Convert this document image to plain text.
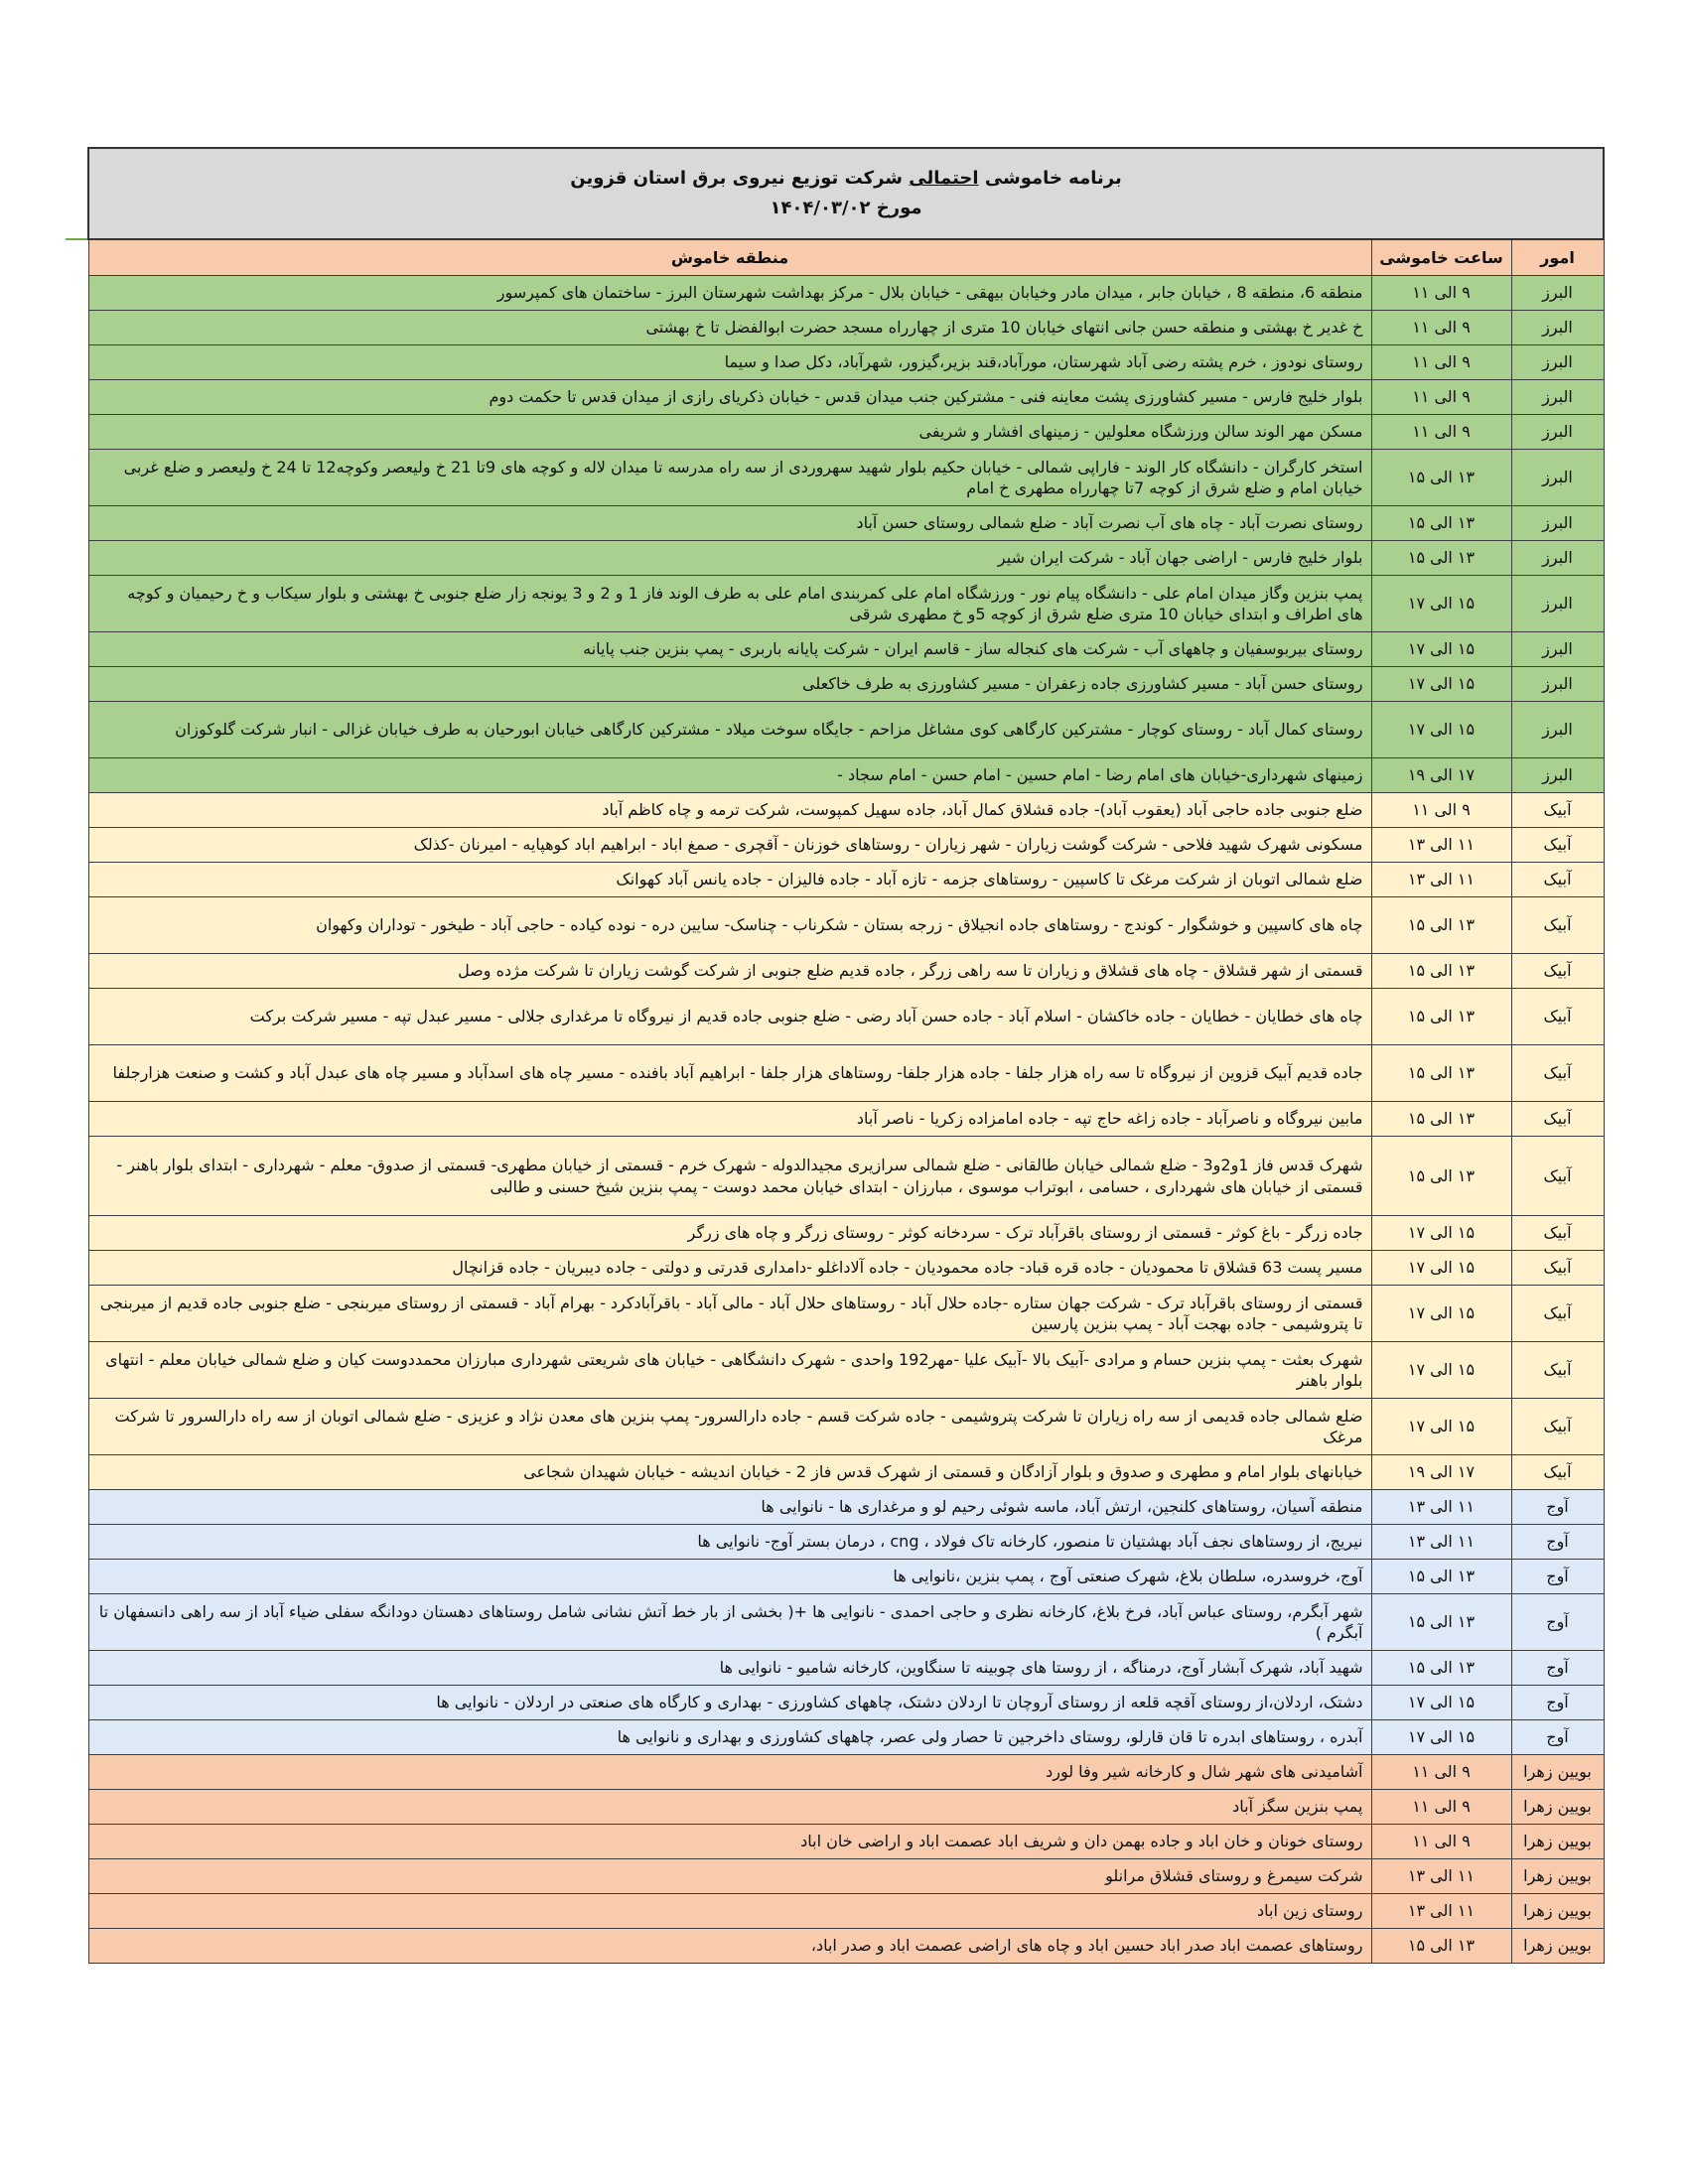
برنامه خاموشی احتمالی شرکت توزیع نیروی برق استان قزوین
مورخ ۱۴۰۴/۰۳/۰۲		

امور	ساعت خاموشی	منطقه خاموش
البرز	۹ الی ۱۱	منطقه 6، منطقه 8 ، خیابان جابر ، میدان مادر وخیابان بیهقی - خیابان بلال - مرکز بهداشت شهرستان البرز - ساختمان های کمپرسور
البرز	۹ الی ۱۱	خ غدیر خ بهشتی و منطقه حسن جانی انتهای خیابان 10 متری از چهارراه مسجد حضرت ابوالفضل تا خ بهشتی
البرز	۹ الی ۱۱	روستای نودوز ، خرم پشته رضی آباد شهرستان، مورآباد،قند بزیر،گیزور، شهرآباد، دکل صدا و سیما
البرز	۹ الی ۱۱	بلوار خلیج فارس - مسیر کشاورزی پشت معاینه فنی - مشترکین جنب میدان قدس - خیابان ذکریای رازی از میدان قدس تا حکمت دوم
البرز	۹ الی ۱۱	مسکن مهر الوند سالن ورزشگاه معلولین - زمینهای افشار و شریفی
البرز	۱۳ الی ۱۵	استخر کارگران - دانشگاه کار الوند - فاراپی شمالی - خیابان حکیم بلوار شهید سهروردی از سه راه مدرسه تا میدان لاله و کوچه های 9تا 21 خ ولیعصر وکوچه12 تا 24 خ ولیعصر و ضلع غربی خیابان امام و ضلع شرق از کوچه 7تا چهارراه مطهری خ امام
البرز	۱۳ الی ۱۵	روستای نصرت آباد - چاه های آب نصرت آباد - ضلع شمالی روستای حسن آباد
البرز	۱۳ الی ۱۵	بلوار خلیج فارس - اراضی جهان آباد - شرکت ایران شیر
البرز	۱۵ الی ۱۷	پمپ بنزین وگاز میدان امام علی - دانشگاه پیام نور - ورزشگاه امام علی کمربندی امام علی به طرف الوند فاز 1 و 2 و 3 یونجه زار ضلع جنوبی خ بهشتی و بلوار سیکاب و خ رحیمیان و کوچه های اطراف و ابتدای خیابان 10 متری ضلع شرق از کوچه 5و خ مطهری شرقی
البرز	۱۵ الی ۱۷	روستای بیربوسفیان و چاههای آب - شرکت های کنجاله ساز - قاسم ایران - شرکت پایانه باربری - پمپ بنزین جنب پایانه
البرز	۱۵ الی ۱۷	روستای حسن آباد - مسیر کشاورزی جاده زعفران - مسیر کشاورزی به طرف خاکعلی
البرز	۱۵ الی ۱۷	روستای کمال آباد - روستای کوچار - مشترکین کارگاهی کوی مشاغل مزاحم - جایگاه سوخت میلاد - مشترکین کارگاهی خیابان ابورحیان به طرف خیابان غزالی - انبار شرکت گلوکوزان
البرز	۱۷ الی ۱۹	زمینهای شهرداری-خیابان های امام رضا - امام حسین - امام حسن - امام سجاد -
آبیک	۹ الی ۱۱	ضلع جنوبی جاده حاجی آباد (یعقوب آباد)- جاده قشلاق کمال آباد، جاده سهیل کمپوست، شرکت ترمه و چاه کاظم آباد
آبیک	۱۱ الی ۱۳	مسکونی شهرک شهید فلاحی - شرکت گوشت زیاران - شهر زیاران - روستاهای خوزنان - آقچری - صمغ اباد - ابراهیم اباد کوهپایه - امیرنان -کذلک
آبیک	۱۱ الی ۱۳	ضلع شمالی اتوبان از شرکت مرغک تا کاسپین - روستاهای جزمه - تازه آباد - جاده فالیزان - جاده یانس آباد کهوانک
آبیک	۱۳ الی ۱۵	چاه های کاسپین و خوشگوار - کوندج - روستاهای جاده انجیلاق - زرجه بستان - شکرناب - چناسک- سایین دره - نوده کیاده - حاجی آباد - طیخور - توداران وکهوان
آبیک	۱۳ الی ۱۵	قسمتی از شهر قشلاق - چاه های قشلاق و زیاران تا سه راهی زرگر ، جاده قدیم ضلع جنوبی از شرکت گوشت زیاران تا شرکت مژده وصل
آبیک	۱۳ الی ۱۵	چاه های خطایان - خطایان - جاده خاکشان - اسلام آباد - جاده حسن آباد رضی - ضلع جنوبی جاده قدیم از نیروگاه تا مرغداری جلالی - مسیر عبدل تپه - مسیر شرکت برکت
آبیک	۱۳ الی ۱۵	جاده قدیم آبیک قزوین از نیروگاه تا سه راه هزار جلفا - جاده هزار جلفا- روستاهای هزار جلفا - ابراهیم آباد بافنده - مسیر چاه های اسدآباد و مسیر چاه های عبدل آباد و کشت و صنعت هزارجلفا
آبیک	۱۳ الی ۱۵	مابین نیروگاه و ناصرآباد - جاده زاغه حاج تپه - جاده امامزاده زکریا - ناصر آباد
آبیک	۱۳ الی ۱۵	شهرک قدس فاز 1و2و3 - ضلع شمالی خیابان طالقانی - ضلع شمالی سرازیری مجیدالدوله - شهرک خرم - قسمتی از خیابان مطهری- قسمتی از صدوق- معلم - شهرداری - ابتدای بلوار باهنر - قسمتی از خیابان های شهرداری ، حسامی ، ابوتراب موسوی ، مبارزان - ابتدای خیابان محمد دوست - پمپ بنزین شیخ حسنی و طالبی
آبیک	۱۵ الی ۱۷	جاده زرگر - باغ کوثر - قسمتی از روستای باقرآباد ترک - سردخانه کوثر - روستای زرگر و چاه های زرگر
آبیک	۱۵ الی ۱۷	مسیر پست 63 قشلاق تا محمودیان - جاده قره قباد- جاده محمودیان - جاده آلاداغلو -دامداری قدرتی و دولتی - جاده دیبریان - جاده قزانچال
آبیک	۱۵ الی ۱۷	قسمتی از روستای باقرآباد ترک - شرکت جهان ستاره -جاده حلال آباد - روستاهای حلال آباد - مالی آباد - باقرآبادکرد - بهرام آباد - قسمتی از روستای میربنجی - ضلع جنوبی جاده قدیم از میربنجی تا پتروشیمی - جاده بهجت آباد - پمپ بنزین پارسین
آبیک	۱۵ الی ۱۷	شهرک بعثت - پمپ بنزین حسام و مرادی -آبیک بالا -آبیک علیا -مهر192 واحدی - شهرک دانشگاهی - خیابان های شریعتی شهرداری مبارزان محمددوست کیان و ضلع شمالی خیابان معلم - انتهای بلوار باهنر
آبیک	۱۵ الی ۱۷	ضلع شمالی جاده قدیمی از سه راه زیاران تا شرکت پتروشیمی - جاده شرکت قسم - جاده دارالسرور- پمپ بنزین های معدن نژاد و عزیزی - ضلع شمالی اتوبان از سه راه دارالسرور تا شرکت مرغک
آبیک	۱۷ الی ۱۹	خیابانهای بلوار امام و مطهری و صدوق و بلوار آزادگان و قسمتی از شهرک قدس فاز 2 - خیابان اندیشه - خیابان شهیدان شجاعی
آوج	۱۱ الی ۱۳	منطقه آسیان، روستاهای کلنجین، ارتش آباد، ماسه شوئی رحیم لو و مرغداری ها - نانوایی ها
آوج	۱۱ الی ۱۳	نیریج، از روستاهای نجف آباد بهشتیان تا منصور، کارخانه تاک فولاد ، cng ، درمان بستر آوج- نانوایی ها
آوج	۱۳ الی ۱۵	آوج، خروسدره، سلطان بلاغ، شهرک صنعتی آوج ، پمپ بنزین ،نانوایی ها
آوج	۱۳ الی ۱۵	شهر آبگرم، روستای عباس آباد، فرخ بلاغ، کارخانه نظری و حاجی احمدی - نانوایی ها +( بخشی از بار خط آتش نشانی شامل روستاهای دهستان دودانگه سفلی ضیاء آباد از سه راهی دانسفهان تا آبگرم )
آوج	۱۳ الی ۱۵	شهید آباد، شهرک آبشار آوج، درمناگه ، از روستا های چوبینه تا سنگاوین، کارخانه شامیو - نانوایی ها
آوج	۱۵ الی ۱۷	دشتک، اردلان،از روستای آقچه قلعه از روستای آروچان تا اردلان دشتک، چاههای کشاورزی - بهداری و کارگاه های صنعتی در اردلان - نانوایی ها
آوج	۱۵ الی ۱۷	آبدره ، روستاهای ابدره تا قان قارلو، روستای داخرجین تا حصار ولی عصر، چاههای کشاورزی و بهداری و نانوایی ها
بویین زهرا	۹ الی ۱۱	آشامیدنی های شهر شال و کارخانه شیر وفا لورد
بویین زهرا	۹ الی ۱۱	پمپ بنزین سگز آباد
بویین زهرا	۹ الی ۱۱	روستای خونان و خان اباد و جاده بهمن دان و شریف اباد عصمت اباد و اراضی خان اباد
بویین زهرا	۱۱ الی ۱۳	شرکت سیمرغ و روستای قشلاق مرانلو
بویین زهرا	۱۱ الی ۱۳	روستای زین اباد
بویین زهرا	۱۳ الی ۱۵	روستاهای عصمت اباد صدر اباد حسین اباد و چاه های اراضی عصمت اباد و صدر اباد،
